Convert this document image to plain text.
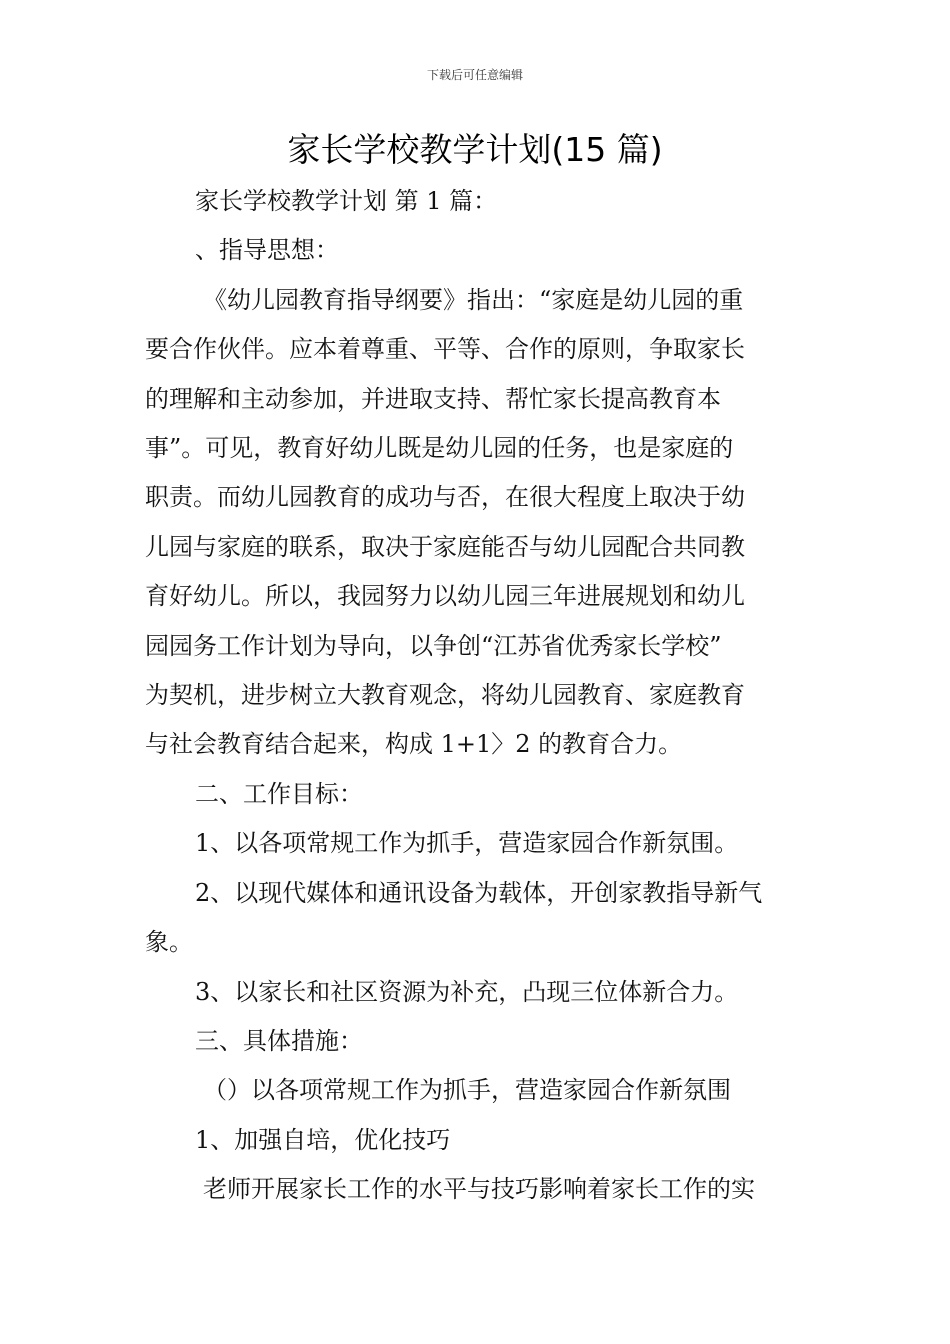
下载后可任意编辑
家长学校教学计划(15 篇)

家长学校教学计划 第 1 篇：

、指导思想：

《幼儿园教育指导纲要》指出：“家庭是幼儿园的重

要合作伙伴。应本着尊重、平等、合作的原则，争取家长

的理解和主动参加，并进取支持、帮忙家长提高教育本

事”。可见，教育好幼儿既是幼儿园的任务，也是家庭的

职责。而幼儿园教育的成功与否，在很大程度上取决于幼

儿园与家庭的联系，取决于家庭能否与幼儿园配合共同教

育好幼儿。所以，我园努力以幼儿园三年进展规划和幼儿

园园务工作计划为导向，以争创“江苏省优秀家长学校”

为契机，进步树立大教育观念，将幼儿园教育、家庭教育

与社会教育结合起来，构成 1+1〉2 的教育合力。

二、工作目标：

1、以各项常规工作为抓手，营造家园合作新氛围。

2、以现代媒体和通讯设备为载体，开创家教指导新气

象。

3、以家长和社区资源为补充，凸现三位体新合力。

三、具体措施：

（）以各项常规工作为抓手，营造家园合作新氛围

1、加强自培，优化技巧

老师开展家长工作的水平与技巧影响着家长工作的实
